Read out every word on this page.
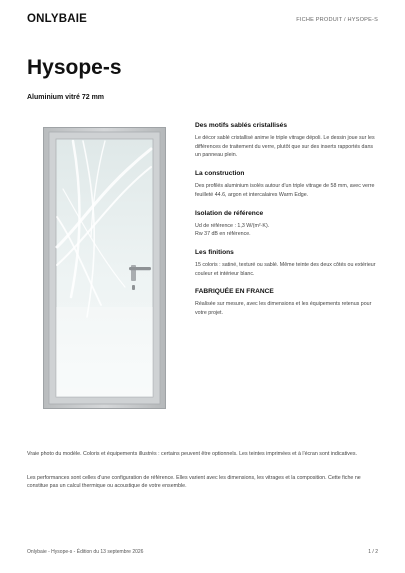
ONLYBAIE	FICHE PRODUIT / HYSOPE-S
Hysope-s
Aluminium vitré 72 mm

Des motifs sablés cristallisés

Le décor sablé cristallisé anime le triple vitrage dépoli. Le dessin joue sur les différences de traitement du verre, plutôt que sur des inserts rapportés dans un panneau plein.

La construction

Des profilés aluminium isolés autour d'un triple vitrage de 58 mm, avec verre feuilleté 44.6, argon et intercalaires Warm Edge.

Isolation de référence

Ud de référence : 1,3 W/(m²·K).
Rw 37 dB en référence.

Les finitions

15 coloris : satiné, texturé ou sablé. Même teinte des deux côtés ou extérieur couleur et intérieur blanc.

FABRIQUÉE EN FRANCE

Réalisée sur mesure, avec les dimensions et les équipements retenus pour votre projet.

Vraie photo du modèle. Coloris et équipements illustrés : certains peuvent être optionnels. Les teintes imprimées et à l'écran sont indicatives.

Les performances sont celles d'une configuration de référence. Elles varient avec les dimensions, les vitrages et la composition. Cette fiche ne constitue pas un calcul thermique ou acoustique de votre ensemble.

Onlybaie - Hysope-s - Édition du 13 septembre 2026	1 / 2
